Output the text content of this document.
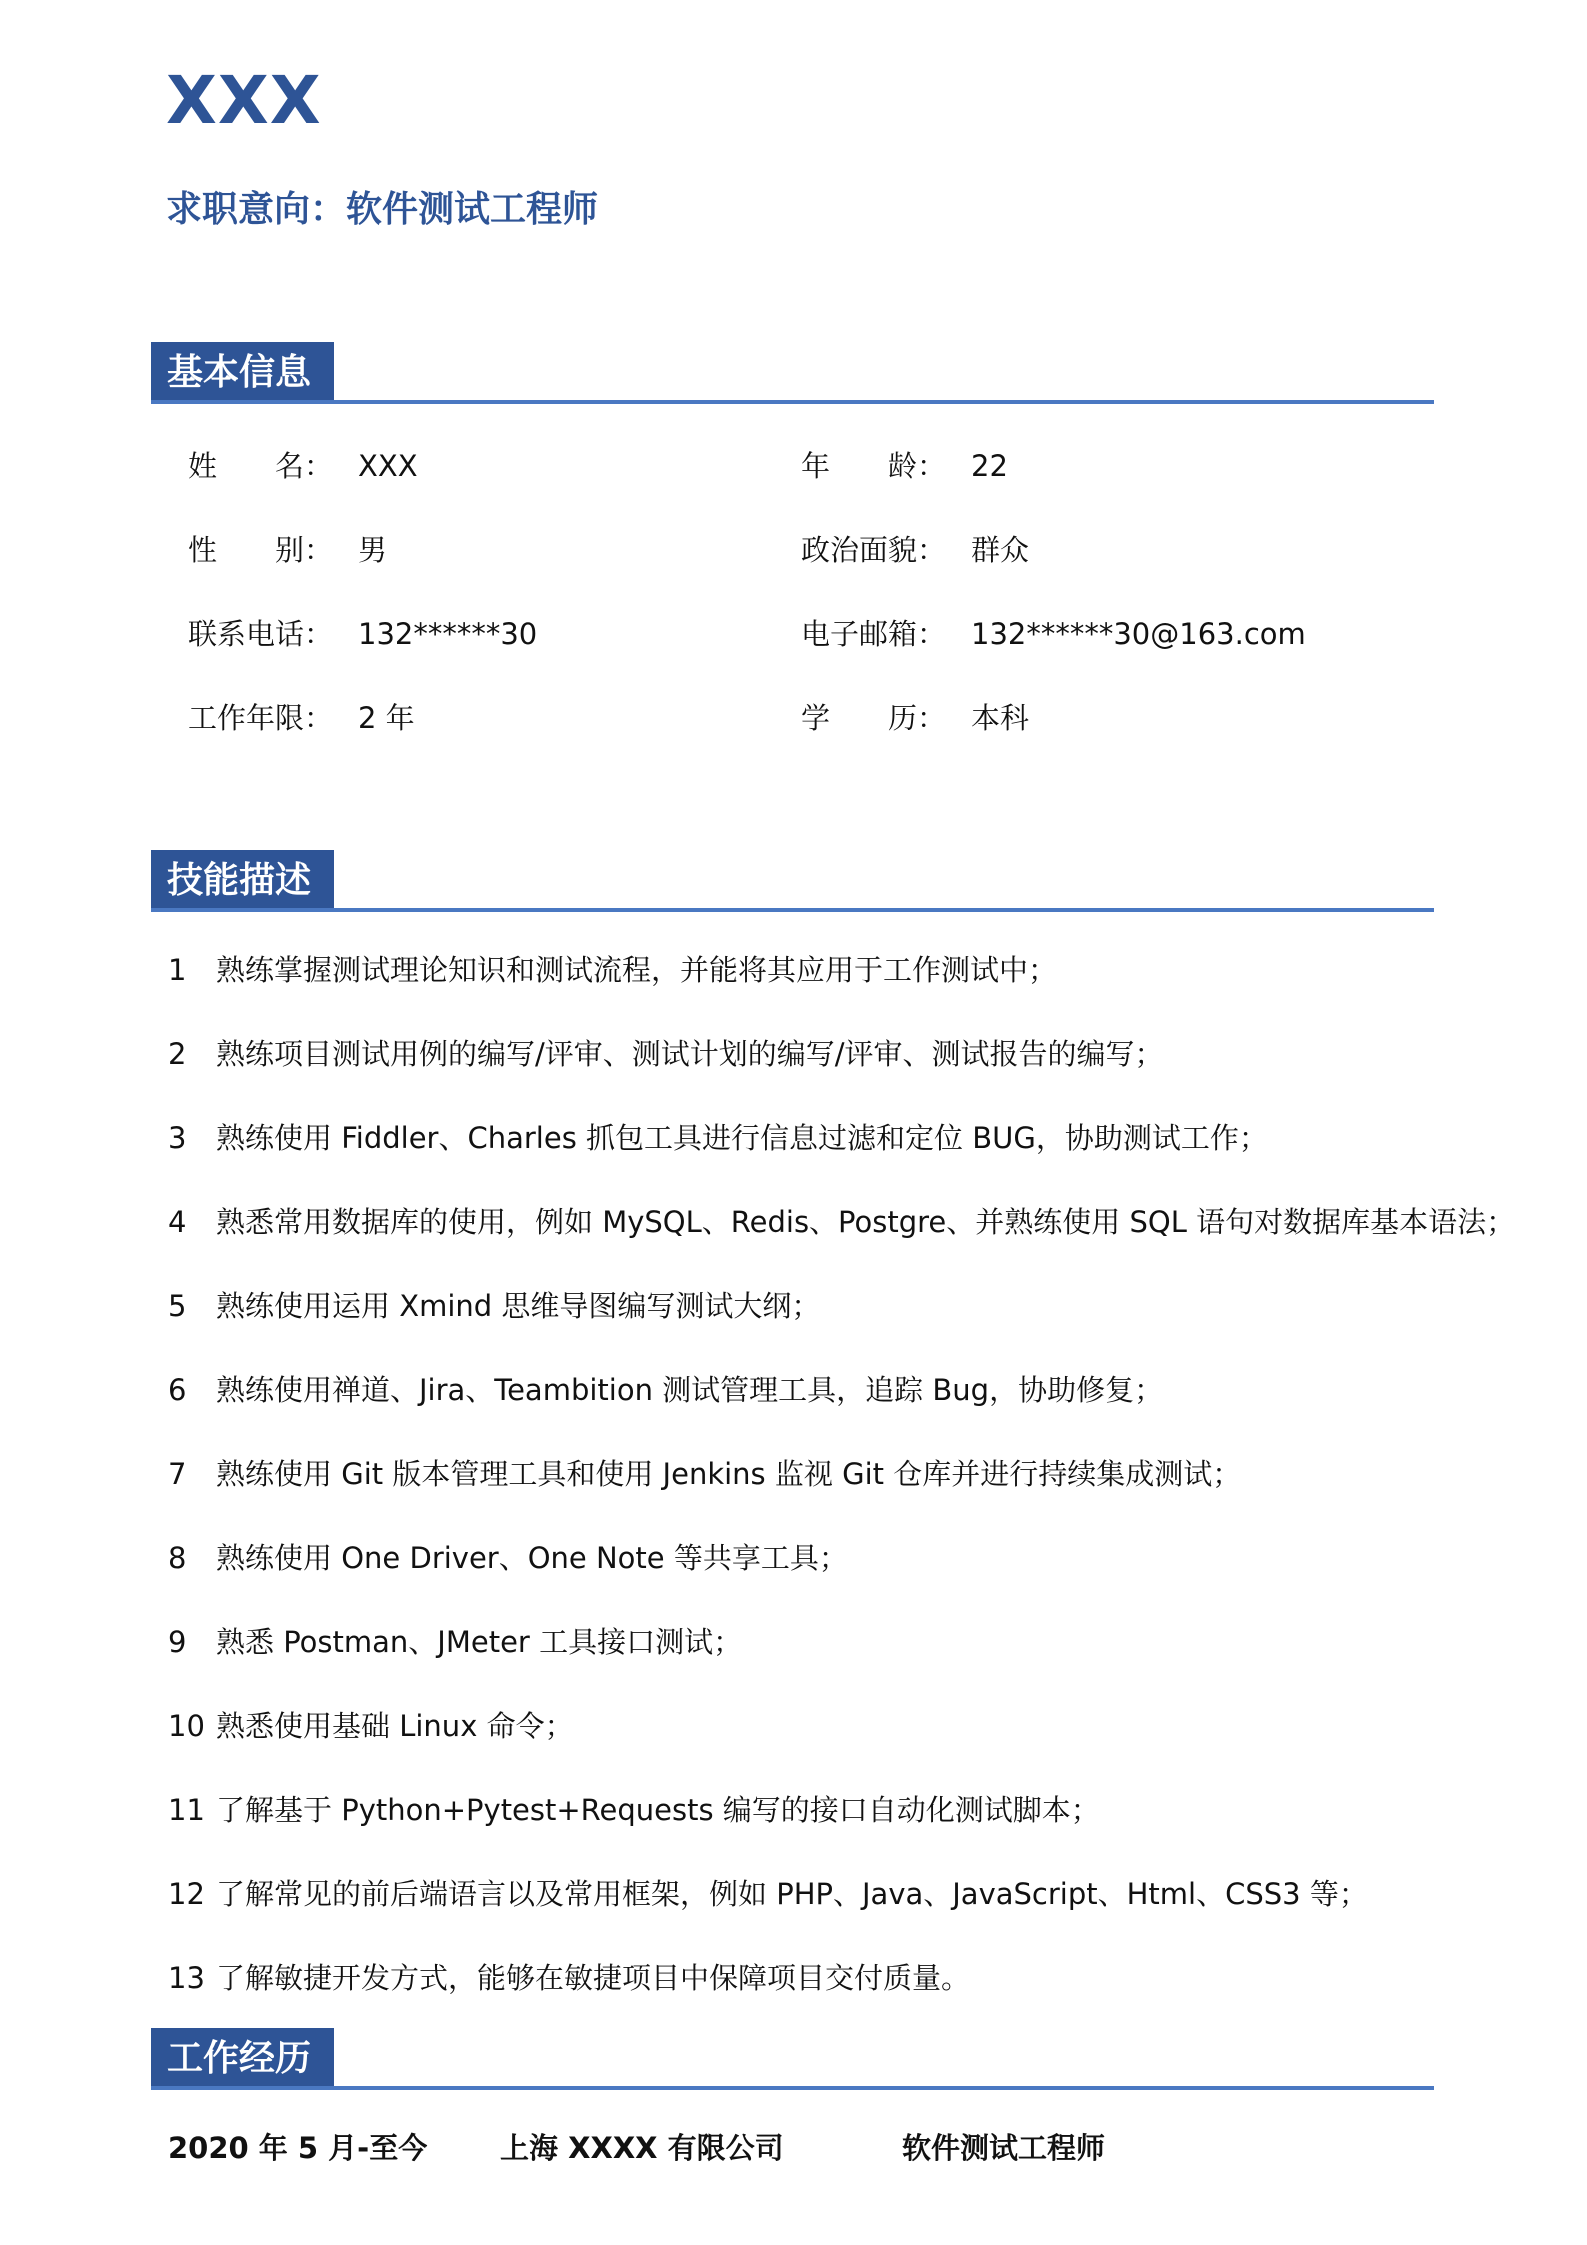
XXX
求职意向：软件测试工程师
基本信息
姓　　名： XXX	年　　龄： 22
性　　别： 男	政治面貌： 群众
联系电话： 132******30	电子邮箱： 132******30@163.com
工作年限： 2 年	学　　历： 本科
技能描述
1 熟练掌握测试理论知识和测试流程，并能将其应用于工作测试中；
2 熟练项目测试用例的编写/评审、测试计划的编写/评审、测试报告的编写；
3 熟练使用 Fiddler、Charles 抓包工具进行信息过滤和定位 BUG，协助测试工作；
4 熟悉常用数据库的使用，例如 MySQL、Redis、Postgre、并熟练使用 SQL 语句对数据库基本语法；
5 熟练使用运用 Xmind 思维导图编写测试大纲；
6 熟练使用禅道、Jira、Teambition 测试管理工具，追踪 Bug，协助修复；
7 熟练使用 Git 版本管理工具和使用 Jenkins 监视 Git 仓库并进行持续集成测试；
8 熟练使用 One Driver、One Note 等共享工具；
9 熟悉 Postman、JMeter 工具接口测试；
10 熟悉使用基础 Linux 命令；
11 了解基于 Python+Pytest+Requests 编写的接口自动化测试脚本；
12 了解常见的前后端语言以及常用框架，例如 PHP、Java、JavaScript、Html、CSS3 等；
13 了解敏捷开发方式，能够在敏捷项目中保障项目交付质量。
工作经历
2020 年 5 月-至今	上海 XXXX 有限公司	软件测试工程师
